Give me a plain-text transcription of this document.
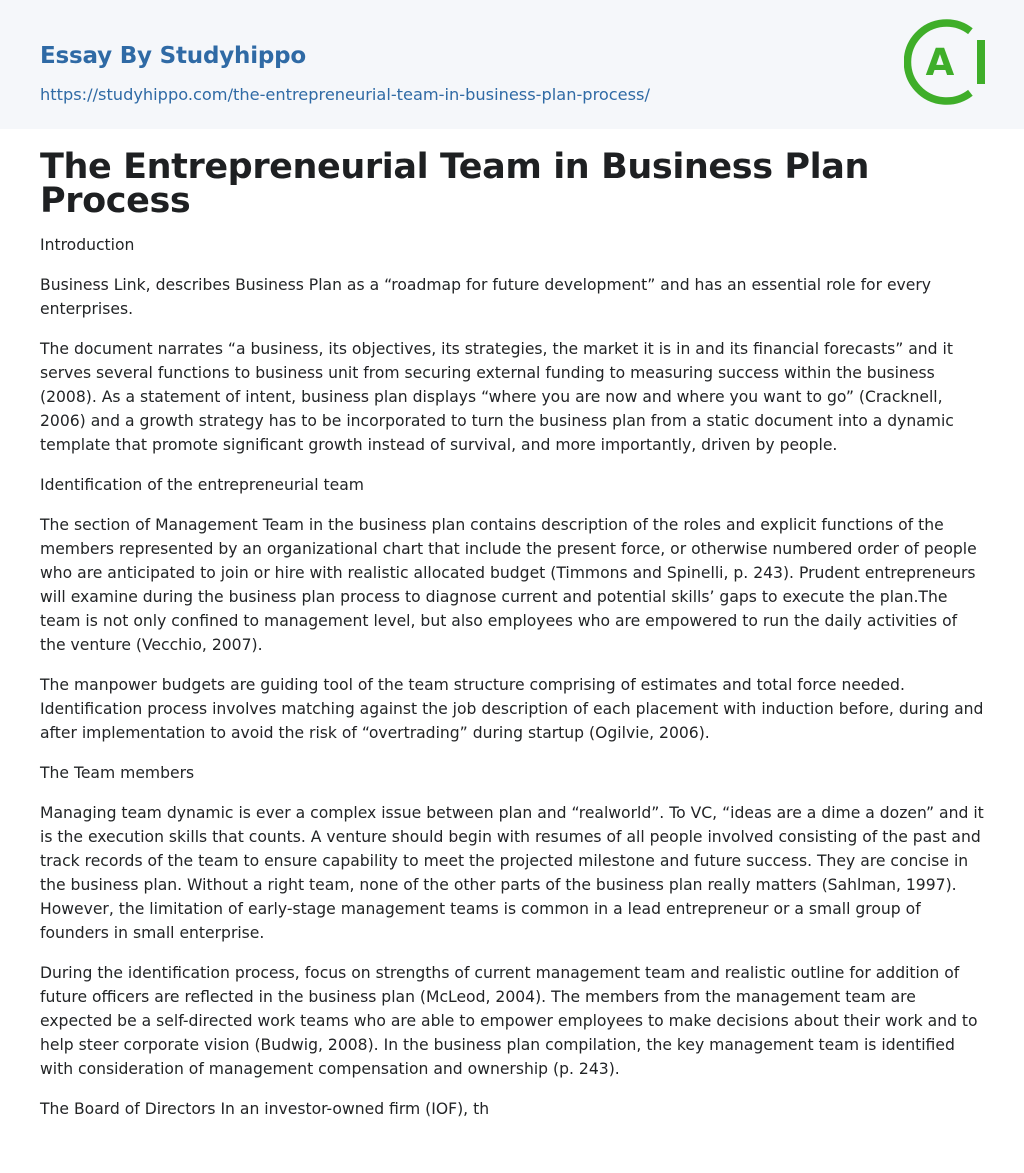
Essay By Studyhippo
https://studyhippo.com/the-entrepreneurial-team-in-business-plan-process/
A
The Entrepreneurial Team in Business Plan Process

Introduction

Business Link, describes Business Plan as a “roadmap for future development” and has an essential role for every enterprises.

The document narrates “a business, its objectives, its strategies, the market it is in and its financial forecasts” and it serves several functions to business unit from securing external funding to measuring success within the business (2008). As a statement of intent, business plan displays “where you are now and where you want to go” (Cracknell, 2006) and a growth strategy has to be incorporated to turn the business plan from a static document into a dynamic template that promote significant growth instead of survival, and more importantly, driven by people.

Identification of the entrepreneurial team

The section of Management Team in the business plan contains description of the roles and explicit functions of the members represented by an organizational chart that include the present force, or otherwise numbered order of people who are anticipated to join or hire with realistic allocated budget (Timmons and Spinelli, p. 243). Prudent entrepreneurs will examine during the business plan process to diagnose current and potential skills’ gaps to execute the plan.The team is not only confined to management level, but also employees who are empowered to run the daily activities of the venture (Vecchio, 2007).

The manpower budgets are guiding tool of the team structure comprising of estimates and total force needed. Identification process involves matching against the job description of each placement with induction before, during and after implementation to avoid the risk of “overtrading” during startup (Ogilvie, 2006).

The Team members

Managing team dynamic is ever a complex issue between plan and “realworld”. To VC, “ideas are a dime a dozen” and it is the execution skills that counts. A venture should begin with resumes of all people involved consisting of the past and track records of the team to ensure capability to meet the projected milestone and future success. They are concise in the business plan. Without a right team, none of the other parts of the business plan really matters (Sahlman, 1997). However, the limitation of early-stage management teams is common in a lead entrepreneur or a small group of founders in small enterprise.

During the identification process, focus on strengths of current management team and realistic outline for addition of future officers are reflected in the business plan (McLeod, 2004). The members from the management team are expected be a self-directed work teams who are able to empower employees to make decisions about their work and to help steer corporate vision (Budwig, 2008). In the business plan compilation, the key management team is identified with consideration of management compensation and ownership (p. 243).

The Board of Directors In an investor-owned firm (IOF), th
